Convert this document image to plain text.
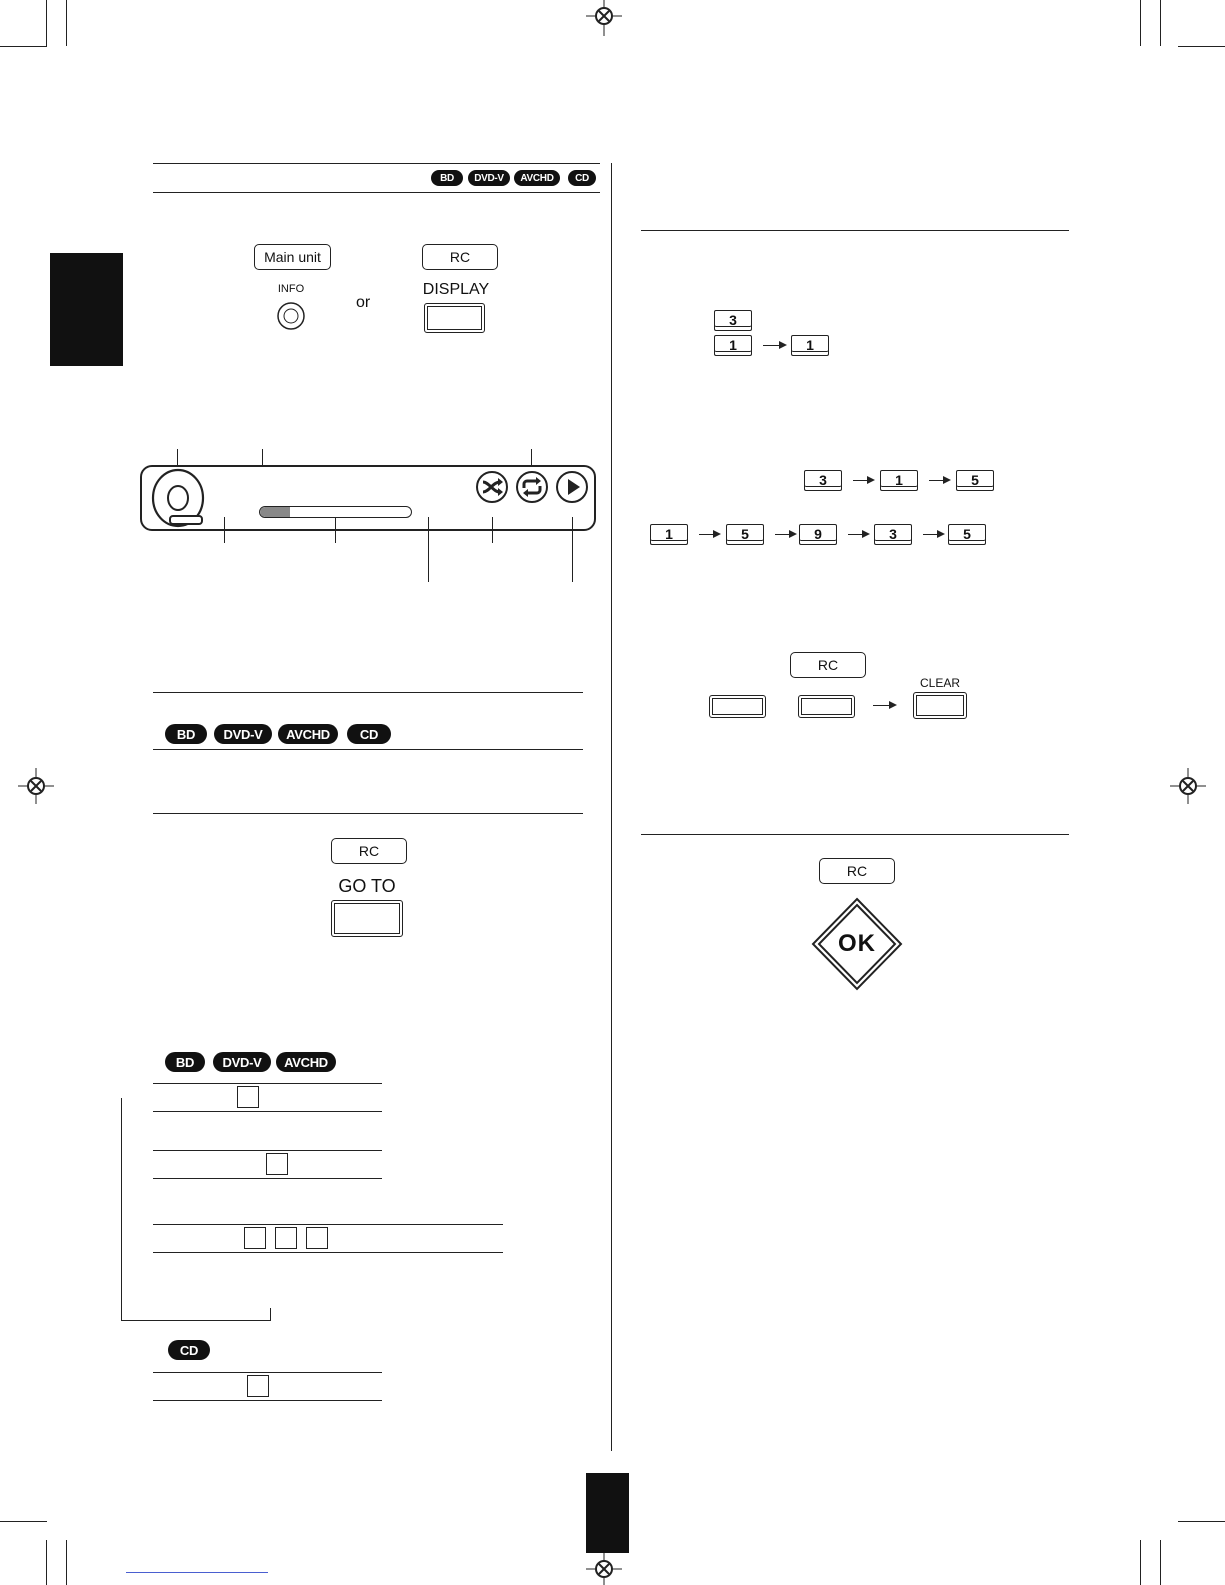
BD	DVD-V	AVCHD	CD
Main unit	RC
INFO
or
DISPLAY
BD	DVD-V	AVCHD	CD
RC
GO TO
BD	DVD-V	AVCHD
CD
3
1	1
3	1	5
1	5	9	3	5
RC
CLEAR
RC
OK
